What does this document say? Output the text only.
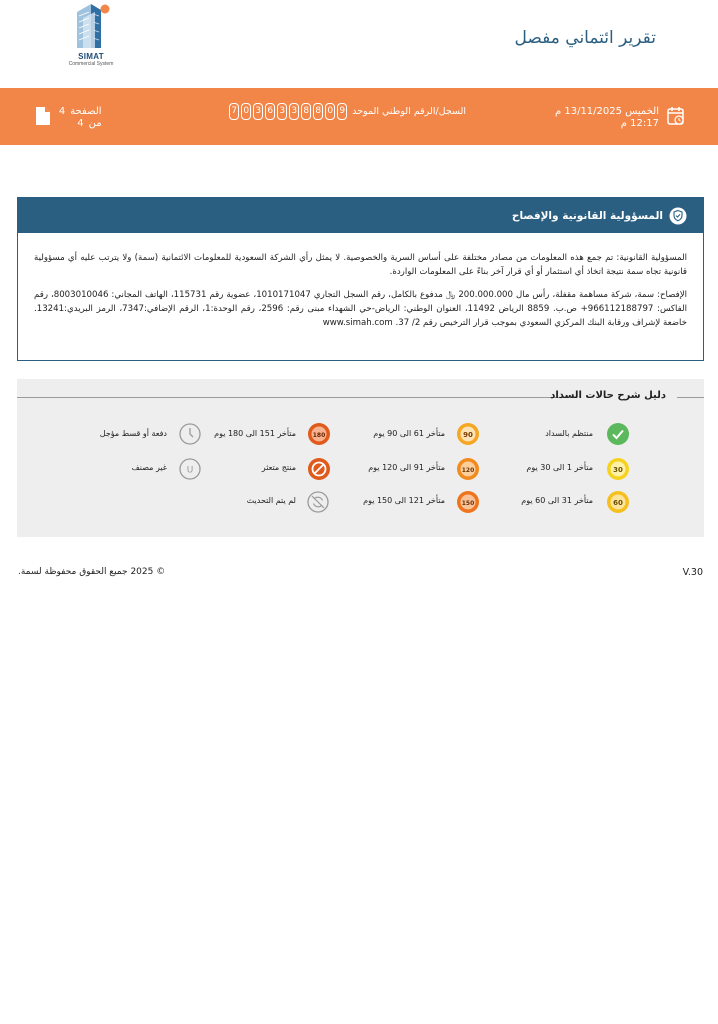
SIMAT
Commercial System
تقرير ائتماني مفصل
الخميس 13/11/2025 م
12:17 م
السجل/الرقم الوطني الموحد
7 0 3 6 3 3 8 8 0 9
الصفحة 4
من 4
المسؤولية القانونية والإفصاح

المسؤولية القانونية: تم جمع هذه المعلومات من مصادر مختلفة على أساس السرية والخصوصية. لا يمثل رأي الشركة السعودية للمعلومات الائتمانية (سمة) ولا يترتب عليه أي مسؤولية قانونية تجاه سمة نتيجة اتخاذ أي استثمار أو أي قرار آخر بناءً على المعلومات الواردة.

الإفصاح: سمة، شركة مساهمة مقفلة، رأس مال 200.000.000 ﷼ مدفوع بالكامل، رقم السجل التجاري 1010171047، عضوية رقم 115731، الهاتف المجاني: 8003010046، رقم الفاكس: 966112188797+ ص.ب. 8859 الرياض 11492، العنوان الوطني: الرياض-حي الشهداء مبنى رقم: 2596، رقم الوحدة:1، الرقم الإضافي:7347، الرمز البريدي:13241. خاضعة لإشراف ورقابة البنك المركزي السعودي بموجب قرار الترخيص رقم 2/ 37. www.simah.com

دليل شرح حالات السداد
منتظم بالسداد
90
متأخر 61 الى 90 يوم
180
متأخر 151 الى 180 يوم
دفعة أو قسط مؤجل
30
متأخر 1 الى 30 يوم
120
متأخر 91 الى 120 يوم
منتج متعثر
U
غير مصنف
60
متأخر 31 الى 60 يوم
150
متأخر 121 الى 150 يوم
لم يتم التحديث
© 2025 جميع الحقوق محفوظة لسمة.	V.30
